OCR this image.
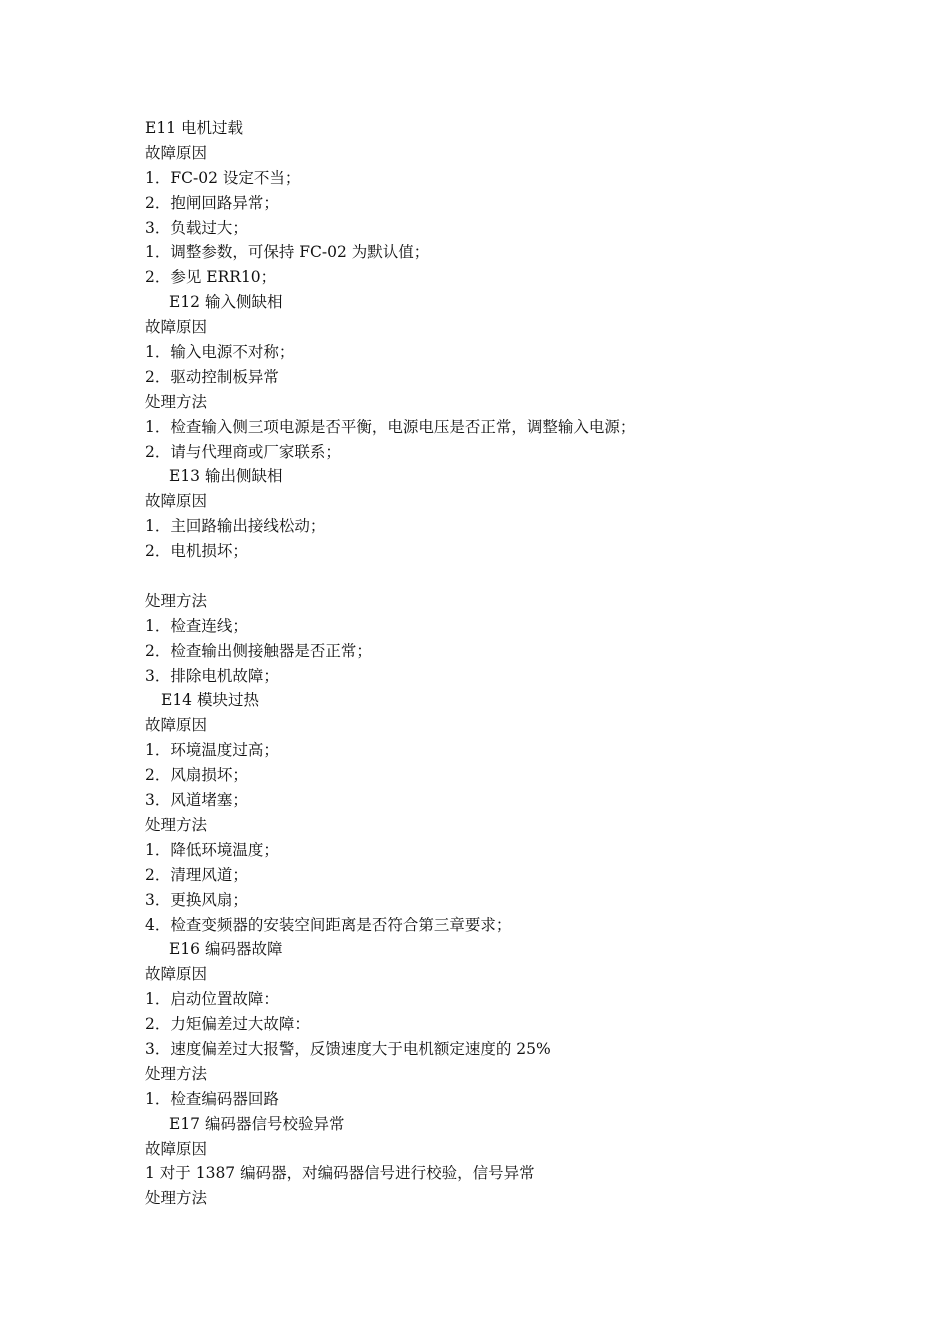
E11 电机过载
故障原因
1．FC-02 设定不当；
2．抱闸回路异常；
3．负载过大；
1．调整参数，可保持 FC-02 为默认值；
2．参见 ERR10；
E12 输入侧缺相
故障原因
1．输入电源不对称；
2．驱动控制板异常
处理方法
1．检查输入侧三项电源是否平衡，电源电压是否正常，调整输入电源；
2．请与代理商或厂家联系；
E13 输出侧缺相
故障原因
1．主回路输出接线松动；
2．电机损坏；
处理方法
1．检查连线；
2．检查输出侧接触器是否正常；
3．排除电机故障；
E14 模块过热
故障原因
1．环境温度过高；
2．风扇损坏；
3．风道堵塞；
处理方法
1．降低环境温度；
2．清理风道；
3．更换风扇；
4．检查变频器的安装空间距离是否符合第三章要求；
E16 编码器故障
故障原因
1．启动位置故障：
2．力矩偏差过大故障：
3．速度偏差过大报警，反馈速度大于电机额定速度的 25%
处理方法
1．检查编码器回路
E17 编码器信号校验异常
故障原因
1 对于 1387 编码器，对编码器信号进行校验，信号异常
处理方法
